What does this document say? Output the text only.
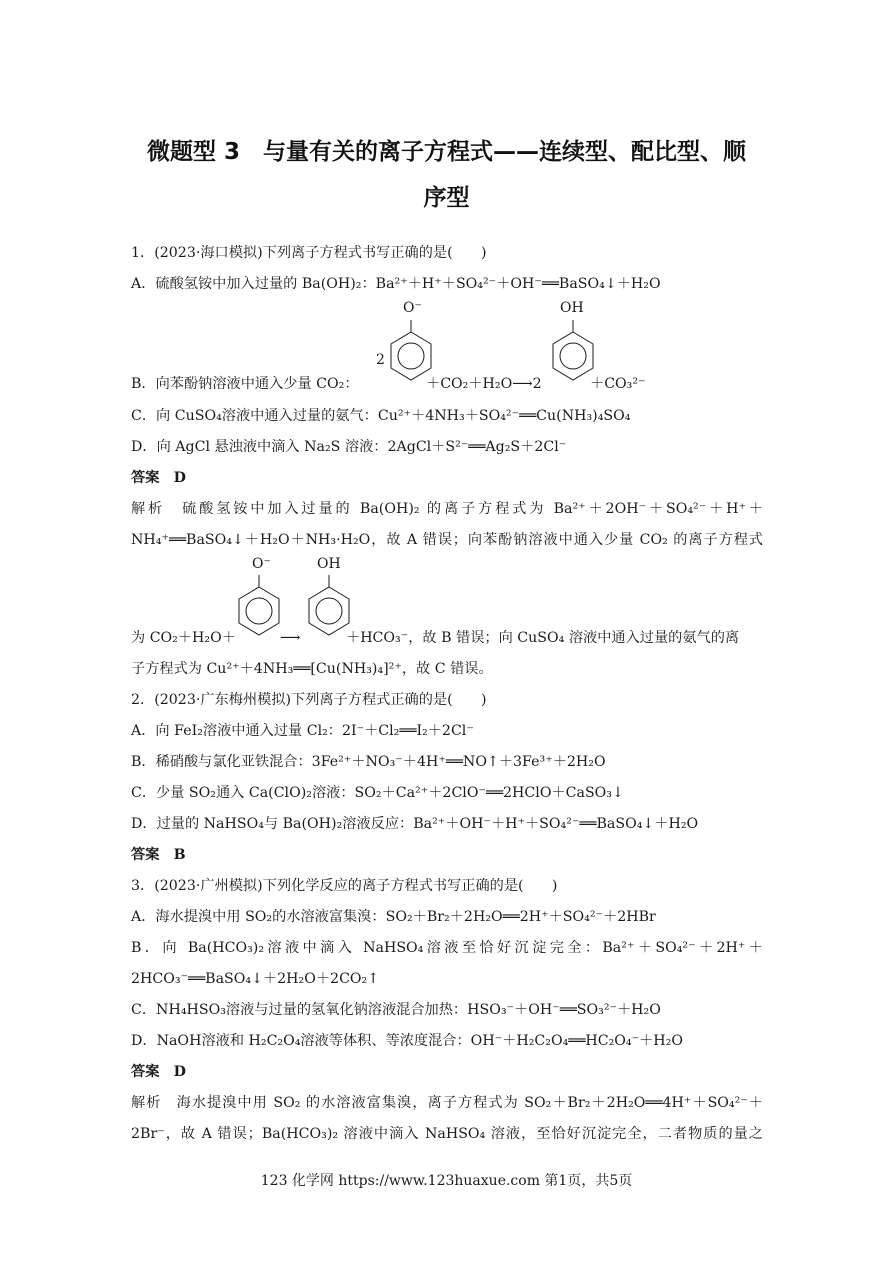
微题型 3　与量有关的离子方程式——连续型、配比型、顺
序型
1．(2023·海口模拟)下列离子方程式书写正确的是(　　)
A．硫酸氢铵中加入过量的 Ba(OH)₂：Ba²⁺＋H⁺＋SO₄²⁻＋OH⁻══BaSO₄↓＋H₂O
B．向苯酚钠溶液中通入少量 CO₂：
2
O⁻
＋CO₂＋H₂O⟶2
OH
＋CO₃²⁻
C．向 CuSO₄溶液中通入过量的氨气：Cu²⁺＋4NH₃＋SO₄²⁻══Cu(NH₃)₄SO₄
D．向 AgCl 悬浊液中滴入 Na₂S 溶液：2AgCl＋S²⁻══Ag₂S＋2Cl⁻
答案　D
解析　硫酸氢铵中加入过量的 Ba(OH)₂ 的离子方程式为 Ba²⁺＋2OH⁻＋SO₄²⁻＋H⁺＋
NH₄⁺══BaSO₄↓＋H₂O＋NH₃·H₂O，故 A 错误；向苯酚钠溶液中通入少量 CO₂ 的离子方程式
O⁻	OH
为 CO₂＋H₂O＋	⟶	＋HCO₃⁻，故 B 错误；向 CuSO₄ 溶液中通入过量的氨气的离
子方程式为 Cu²⁺＋4NH₃══[Cu(NH₃)₄]²⁺，故 C 错误。
2．(2023·广东梅州模拟)下列离子方程式正确的是(　　)
A．向 FeI₂溶液中通入过量 Cl₂：2I⁻＋Cl₂══I₂＋2Cl⁻
B．稀硝酸与氯化亚铁混合：3Fe²⁺＋NO₃⁻＋4H⁺══NO↑＋3Fe³⁺＋2H₂O
C．少量 SO₂通入 Ca(ClO)₂溶液：SO₂＋Ca²⁺＋2ClO⁻══2HClO＋CaSO₃↓
D．过量的 NaHSO₄与 Ba(OH)₂溶液反应：Ba²⁺＋OH⁻＋H⁺＋SO₄²⁻══BaSO₄↓＋H₂O
答案　B
3．(2023·广州模拟)下列化学反应的离子方程式书写正确的是(　　)
A．海水提溴中用 SO₂的水溶液富集溴：SO₂＋Br₂＋2H₂O══2H⁺＋SO₄²⁻＋2HBr
B．向 Ba(HCO₃)₂溶液中滴入 NaHSO₄溶液至恰好沉淀完全：Ba²⁺＋SO₄²⁻＋2H⁺＋
2HCO₃⁻══BaSO₄↓＋2H₂O＋2CO₂↑
C．NH₄HSO₃溶液与过量的氢氧化钠溶液混合加热：HSO₃⁻＋OH⁻══SO₃²⁻＋H₂O
D．NaOH溶液和 H₂C₂O₄溶液等体积、等浓度混合：OH⁻＋H₂C₂O₄══HC₂O₄⁻＋H₂O
答案　D
解析　海水提溴中用 SO₂ 的水溶液富集溴，离子方程式为 SO₂＋Br₂＋2H₂O══4H⁺＋SO₄²⁻＋
2Br⁻，故 A 错误；Ba(HCO₃)₂ 溶液中滴入 NaHSO₄ 溶液，至恰好沉淀完全，二者物质的量之
123 化学网 https://www.123huaxue.com 第1页，共5页
